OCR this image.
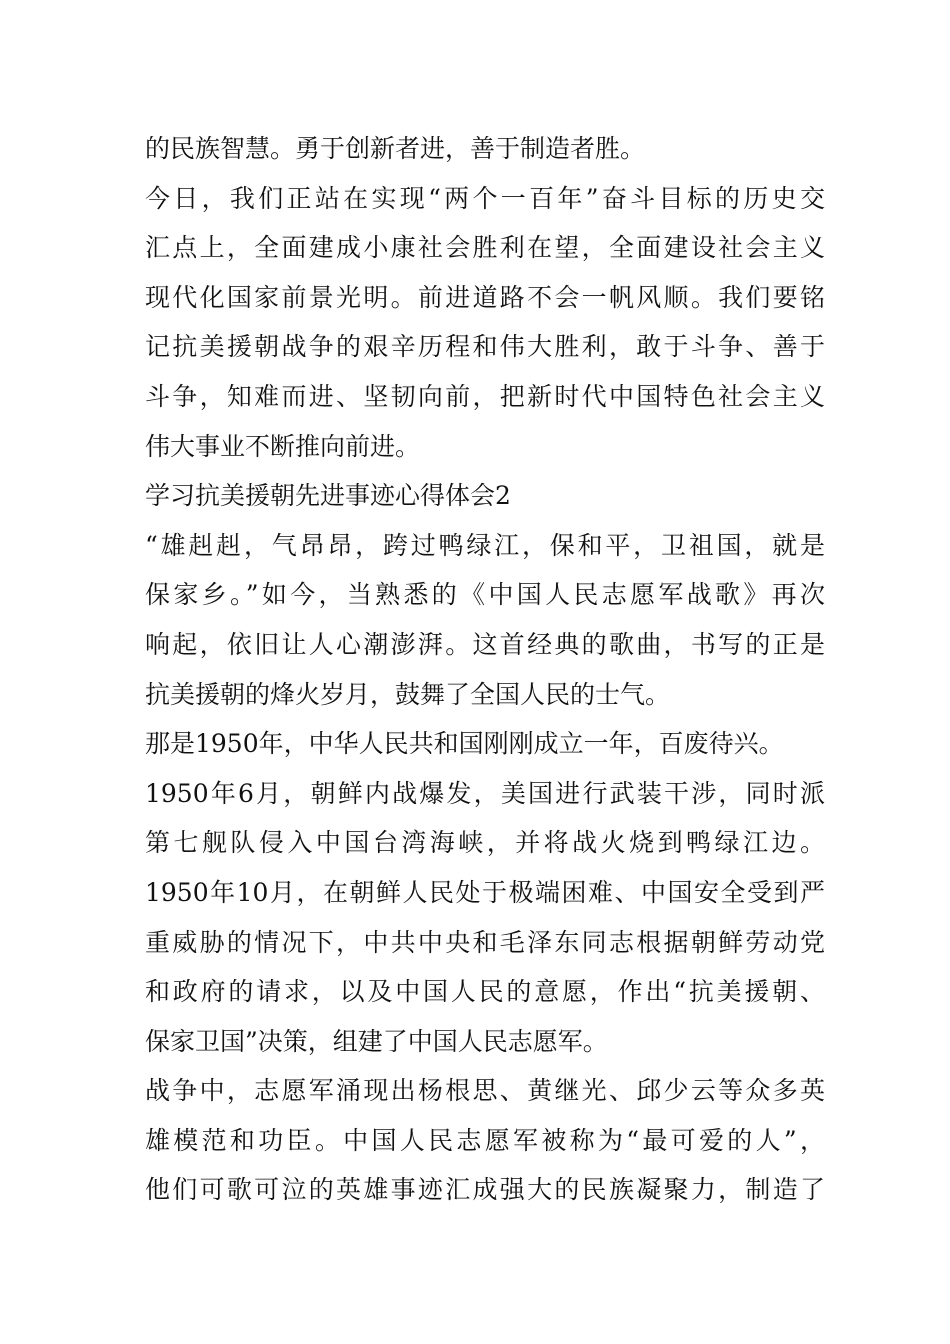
的民族智慧。勇于创新者进，善于制造者胜。
今日，我们正站在实现“两个一百年”奋斗目标的历史交
汇点上，全面建成小康社会胜利在望，全面建设社会主义
现代化国家前景光明。前进道路不会一帆风顺。我们要铭
记抗美援朝战争的艰辛历程和伟大胜利，敢于斗争、善于
斗争，知难而进、坚韧向前，把新时代中国特色社会主义
伟大事业不断推向前进。
学习抗美援朝先进事迹心得体会2
“雄赳赳，气昂昂，跨过鸭绿江，保和平，卫祖国，就是
保家乡。”如今，当熟悉的《中国人民志愿军战歌》再次
响起，依旧让人心潮澎湃。这首经典的歌曲，书写的正是
抗美援朝的烽火岁月，鼓舞了全国人民的士气。
那是1950年，中华人民共和国刚刚成立一年，百废待兴。
1950年6月，朝鲜内战爆发，美国进行武装干涉，同时派
第七舰队侵入中国台湾海峡，并将战火烧到鸭绿江边。
1950年10月，在朝鲜人民处于极端困难、中国安全受到严
重威胁的情况下，中共中央和毛泽东同志根据朝鲜劳动党
和政府的请求，以及中国人民的意愿，作出“抗美援朝、
保家卫国”决策，组建了中国人民志愿军。
战争中，志愿军涌现出杨根思、黄继光、邱少云等众多英
雄模范和功臣。中国人民志愿军被称为“最可爱的人”，
他们可歌可泣的英雄事迹汇成强大的民族凝聚力，制造了
